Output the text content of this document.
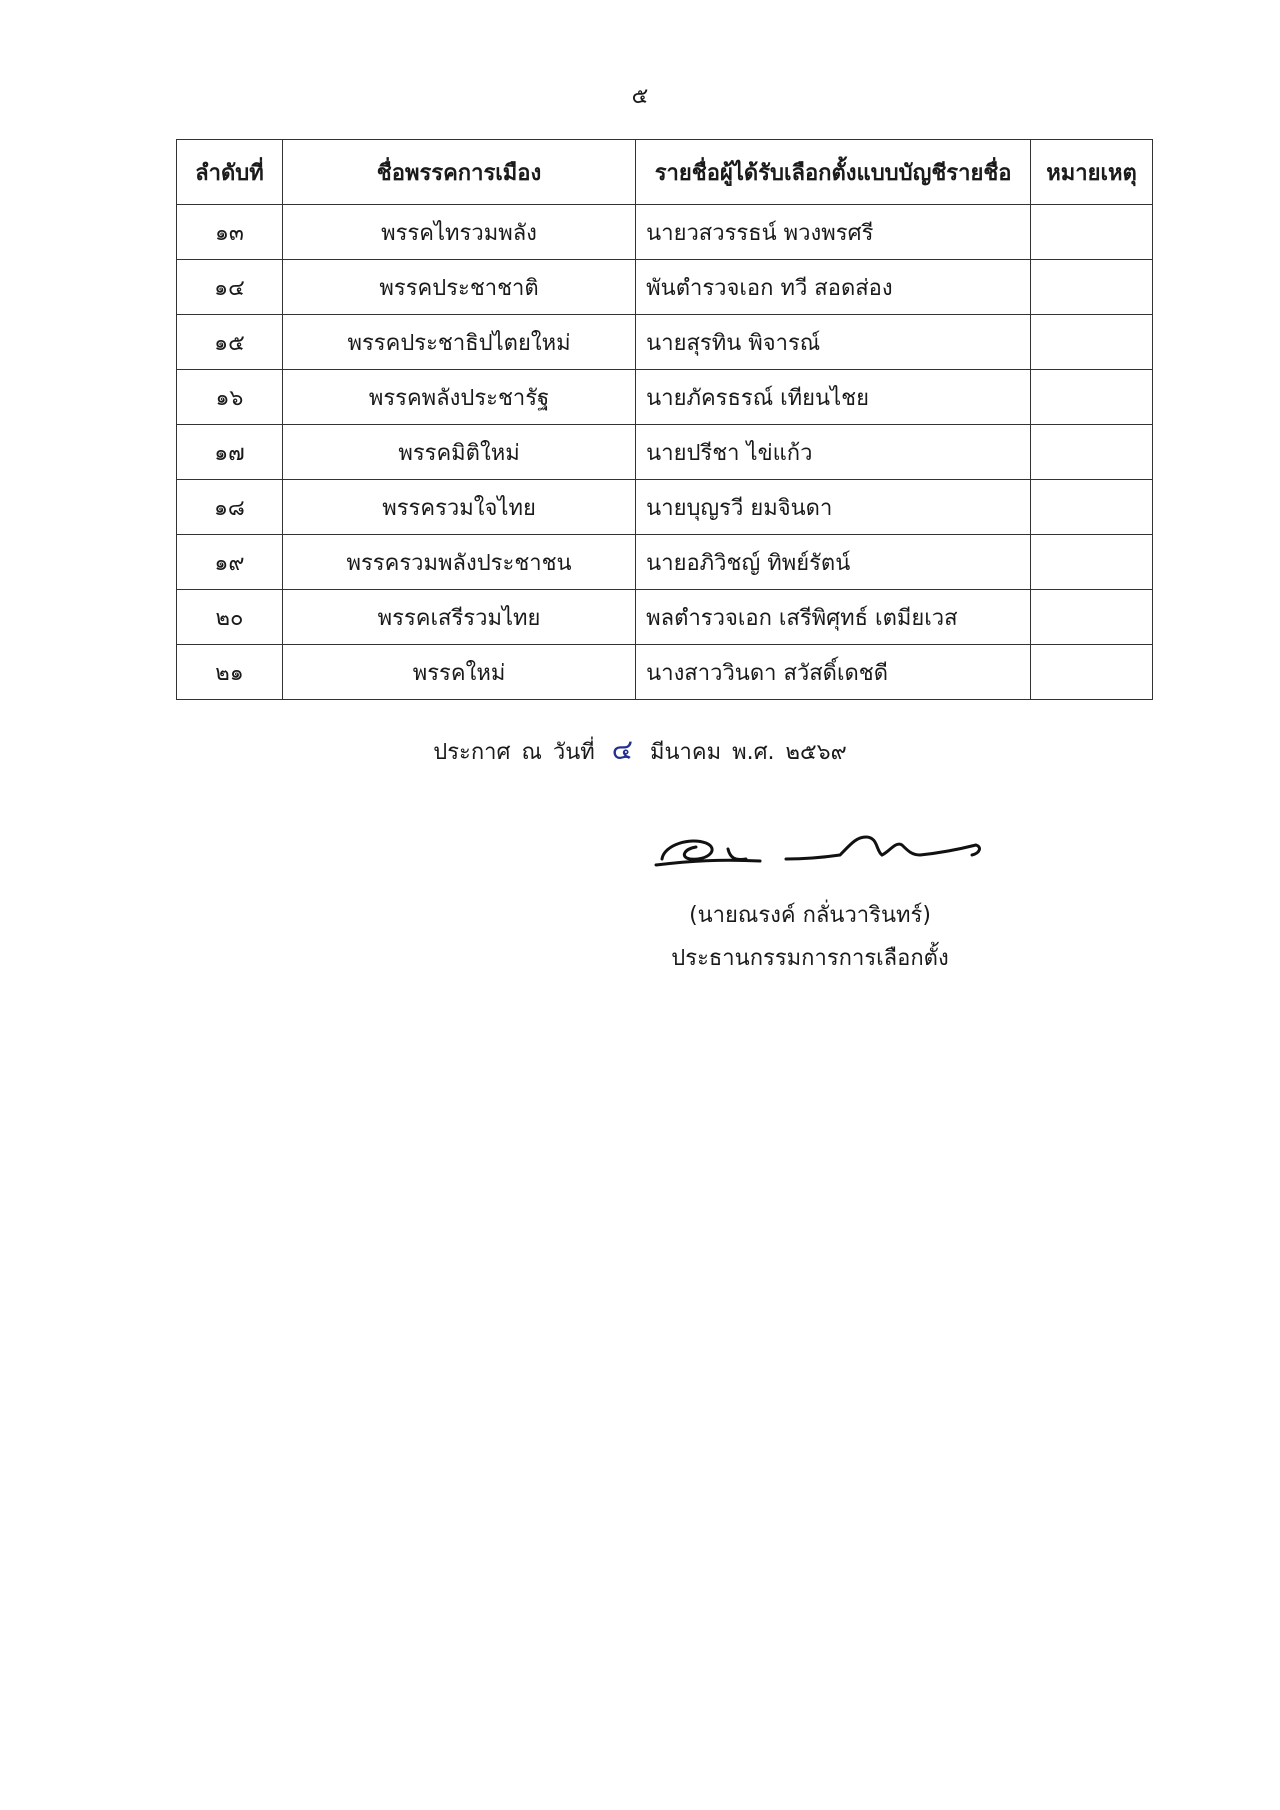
๕
ลำดับที่	ชื่อพรรคการเมือง	รายชื่อผู้ได้รับเลือกตั้งแบบบัญชีรายชื่อ	หมายเหตุ
๑๓	พรรคไทรวมพลัง	นายวสวรรธน์ พวงพรศรี	
๑๔	พรรคประชาชาติ	พันตำรวจเอก ทวี สอดส่อง	
๑๕	พรรคประชาธิปไตยใหม่	นายสุรทิน พิจารณ์	
๑๖	พรรคพลังประชารัฐ	นายภัครธรณ์ เทียนไชย	
๑๗	พรรคมิติใหม่	นายปรีชา ไข่แก้ว	
๑๘	พรรครวมใจไทย	นายบุญรวี ยมจินดา	
๑๙	พรรครวมพลังประชาชน	นายอภิวิชญ์ ทิพย์รัตน์	
๒๐	พรรคเสรีรวมไทย	พลตำรวจเอก เสรีพิศุทธ์ เตมียเวส	
๒๑	พรรคใหม่	นางสาววินดา สวัสดิ์เดชดี	
ประกาศ ณ วันที่ ๔ มีนาคม พ.ศ. ๒๕๖๙
(นายณรงค์ กลั่นวารินทร์)
ประธานกรรมการการเลือกตั้ง
